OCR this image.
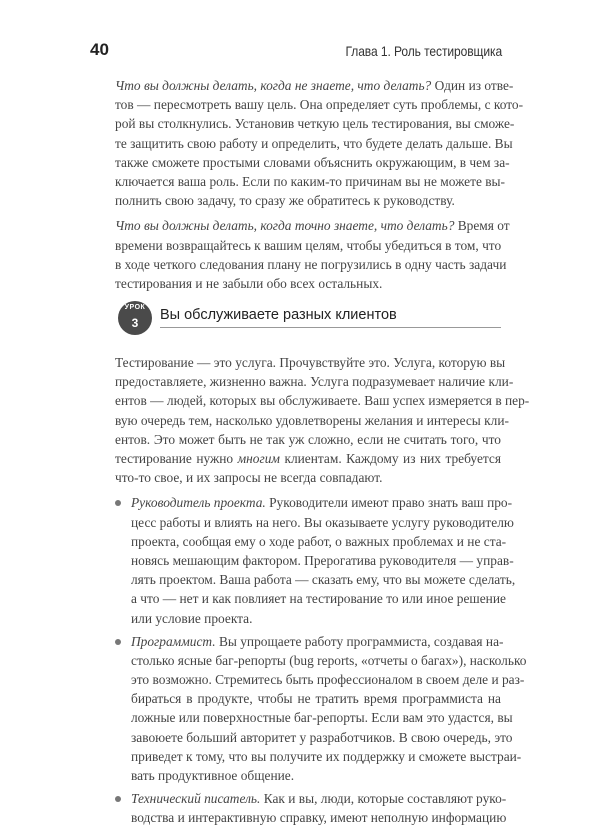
40	Глава 1. Роль тестировщика
Что вы должны делать, когда не знаете, что делать? Один из отве-
тов — пересмотреть вашу цель. Она определяет суть проблемы, с кото-
рой вы столкнулись. Установив четкую цель тестирования, вы сможе-
те защитить свою работу и определить, что будете делать дальше. Вы
также сможете простыми словами объяснить окружающим, в чем за-
ключается ваша роль. Если по каким-то причинам вы не можете вы-
полнить свою задачу, то сразу же обратитесь к руководству.
Что вы должны делать, когда точно знаете, что делать? Время от
времени возвращайтесь к вашим целям, чтобы убедиться в том, что
в ходе четкого следования плану не погрузились в одну часть задачи
тестирования и не забыли обо всех остальных.
УРОК
3	Вы обслуживаете разных клиентов
Тестирование — это услуга. Прочувствуйте это. Услуга, которую вы
предоставляете, жизненно важна. Услуга подразумевает наличие кли-
ентов — людей, которых вы обслуживаете. Ваш успех измеряется в пер-
вую очередь тем, насколько удовлетворены желания и интересы кли-
ентов. Это может быть не так уж сложно, если не считать того, что
тестирование нужно многим клиентам. Каждому из них требуется
что-то свое, и их запросы не всегда совпадают.
Руководитель проекта. Руководители имеют право знать ваш про-
цесс работы и влиять на него. Вы оказываете услугу руководителю
проекта, сообщая ему о ходе работ, о важных проблемах и не ста-
новясь мешающим фактором. Прерогатива руководителя — управ-
лять проектом. Ваша работа — сказать ему, что вы можете сделать,
а что — нет и как повлияет на тестирование то или иное решение
или условие проекта.
Программист. Вы упрощаете работу программиста, создавая на-
столько ясные баг-репорты (bug reports, «отчеты о багах»), насколько
это возможно. Стремитесь быть профессионалом в своем деле и раз-
бираться в продукте, чтобы не тратить время программиста на
ложные или поверхностные баг-репорты. Если вам это удастся, вы
завоюете больший авторитет у разработчиков. В свою очередь, это
приведет к тому, что вы получите их поддержку и сможете выстраи-
вать продуктивное общение.
Технический писатель. Как и вы, люди, которые составляют руко-
водства и интерактивную справку, имеют неполную информацию
